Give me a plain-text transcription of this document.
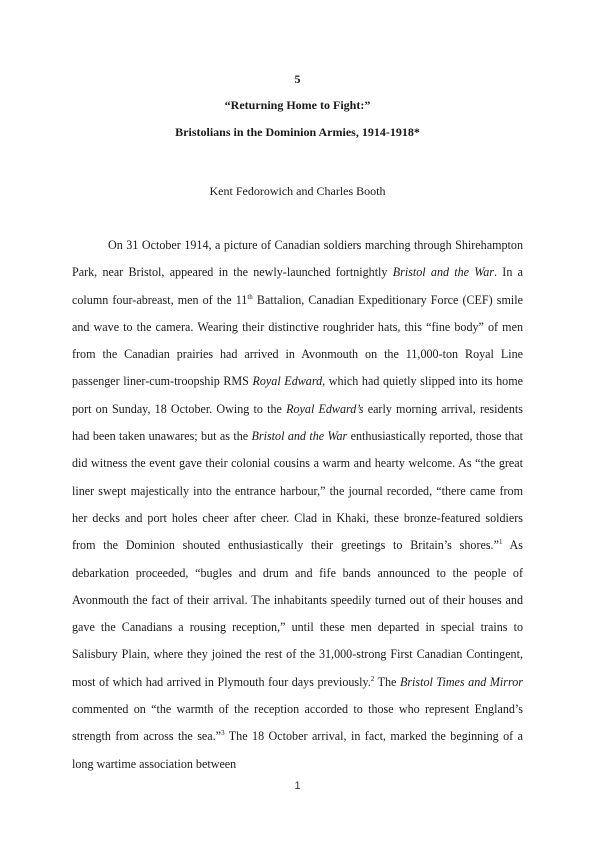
5
“Returning Home to Fight:”
Bristolians in the Dominion Armies, 1914-1918*
Kent Fedorowich and Charles Booth

On 31 October 1914, a picture of Canadian soldiers marching through Shirehampton Park, near Bristol, appeared in the newly-launched fortnightly Bristol and the War. In a column four-abreast, men of the 11th Battalion, Canadian Expeditionary Force (CEF) smile and wave to the camera. Wearing their distinctive roughrider hats, this “fine body” of men from the Canadian prairies had arrived in Avonmouth on the 11,000-ton Royal Line passenger liner-cum-troopship RMS Royal Edward, which had quietly slipped into its home port on Sunday, 18 October. Owing to the Royal Edward’s early morning arrival, residents had been taken unawares; but as the Bristol and the War enthusiastically reported, those that did witness the event gave their colonial cousins a warm and hearty welcome. As “the great liner swept majestically into the entrance harbour,” the journal recorded, “there came from her decks and port holes cheer after cheer. Clad in Khaki, these bronze-featured soldiers from the Dominion shouted enthusiastically their greetings to Britain’s shores.”$^1$ As debarkation proceeded, “bugles and drum and fife bands announced to the people of Avonmouth the fact of their arrival. The inhabitants speedily turned out of their houses and gave the Canadians a rousing reception,” until these men departed in special trains to Salisbury Plain, where they joined the rest of the 31,000-strong First Canadian Contingent, most of which had arrived in Plymouth four days previously.$^2$ The Bristol Times and Mirror commented on “the warmth of the reception accorded to those who represent England’s strength from across the sea.”$^3$ The 18 October arrival, in fact, marked the beginning of a long wartime association between

1
